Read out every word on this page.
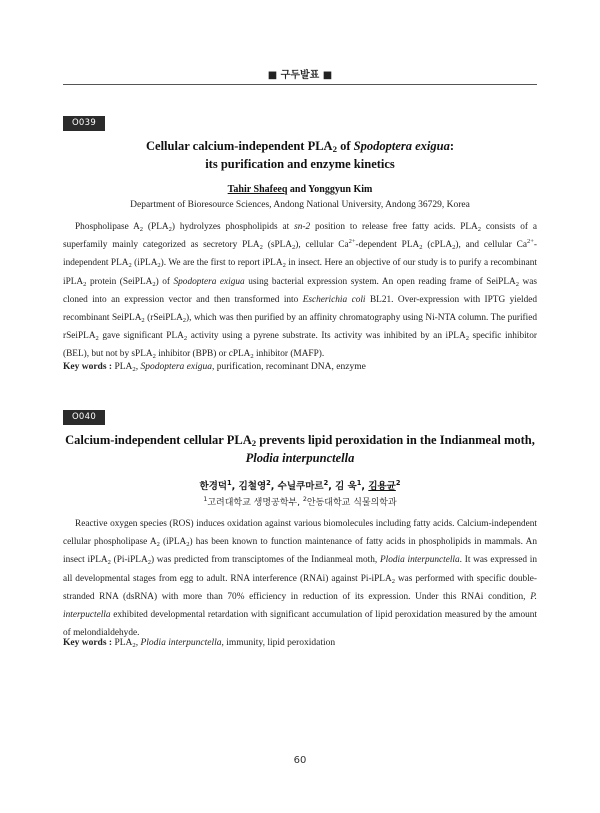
■ 구두발표 ■
O039
Cellular calcium-independent $PLA_2$ of Spodoptera exigua:
its purification and enzyme kinetics
Tahir Shafeeq and Yonggyun Kim
Department of Bioresource Sciences, Andong National University, Andong 36729, Korea

Phospholipase $A_2$ $(PLA_2)$ hydrolyzes phospholipids at sn-2 position to release free fatty acids. $PLA_2$ consists of a superfamily mainly categorized as secretory $PLA_2$ (sPLA$_2$), cellular $Ca^{2+}$-dependent $PLA_2$ (cPLA$_2$), and cellular $Ca^{2+}$-independent $PLA_2$ (iPLA$_2$). We are the first to report iPLA$_2$ in insect. Here an objective of our study is to purify a recombinant iPLA$_2$ protein (SeiPLA$_2$) of Spodoptera exigua using bacterial expression system. An open reading frame of SeiPLA$_2$ was cloned into an expression vector and then transformed into Escherichia coli BL21. Over-expression with IPTG yielded recombinant SeiPLA$_2$ (rSeiPLA$_2$), which was then purified by an affinity chromatography using Ni-NTA column. The purified rSeiPLA$_2$ gave significant $PLA_2$ activity using a pyrene substrate. Its activity was inhibited by an iPLA$_2$ specific inhibitor (BEL), but not by sPLA$_2$ inhibitor (BPB) or cPLA$_2$ inhibitor (MAFP).

Key words : $PLA_2$, Spodoptera exigua, purification, recominant DNA, enzyme
O040
Calcium-independent cellular $PLA_2$ prevents lipid peroxidation in the Indianmeal moth,
Plodia interpunctella
한경덕$^1$, 김철영$^2$, 수닐쿠마르$^2$, 김 욱$^1$, 김용균$^2$
$^1$고려대학교 생명공학부, $^2$안동대학교 식물의학과

Reactive oxygen species (ROS) induces oxidation against various biomolecules including fatty acids. Calcium-independent cellular phospholipase $A_2$ (iPLA$_2$) has been known to function maintenance of fatty acids in phospholipids in mammals. An insect iPLA$_2$ (Pi-iPLA$_2$) was predicted from transciptomes of the Indianmeal moth, Plodia interpunctella. It was expressed in all developmental stages from egg to adult. RNA interference (RNAi) against Pi-iPLA$_2$ was performed with specific double-stranded RNA (dsRNA) with more than 70% efficiency in reduction of its expression. Under this RNAi condition, P. interpuctella exhibited developmental retardation with significant accumulation of lipid peroxidation measured by the amount of melondialdehyde.

Key words : $PLA_2$, Plodia interpunctella, immunity, lipid peroxidation
60
